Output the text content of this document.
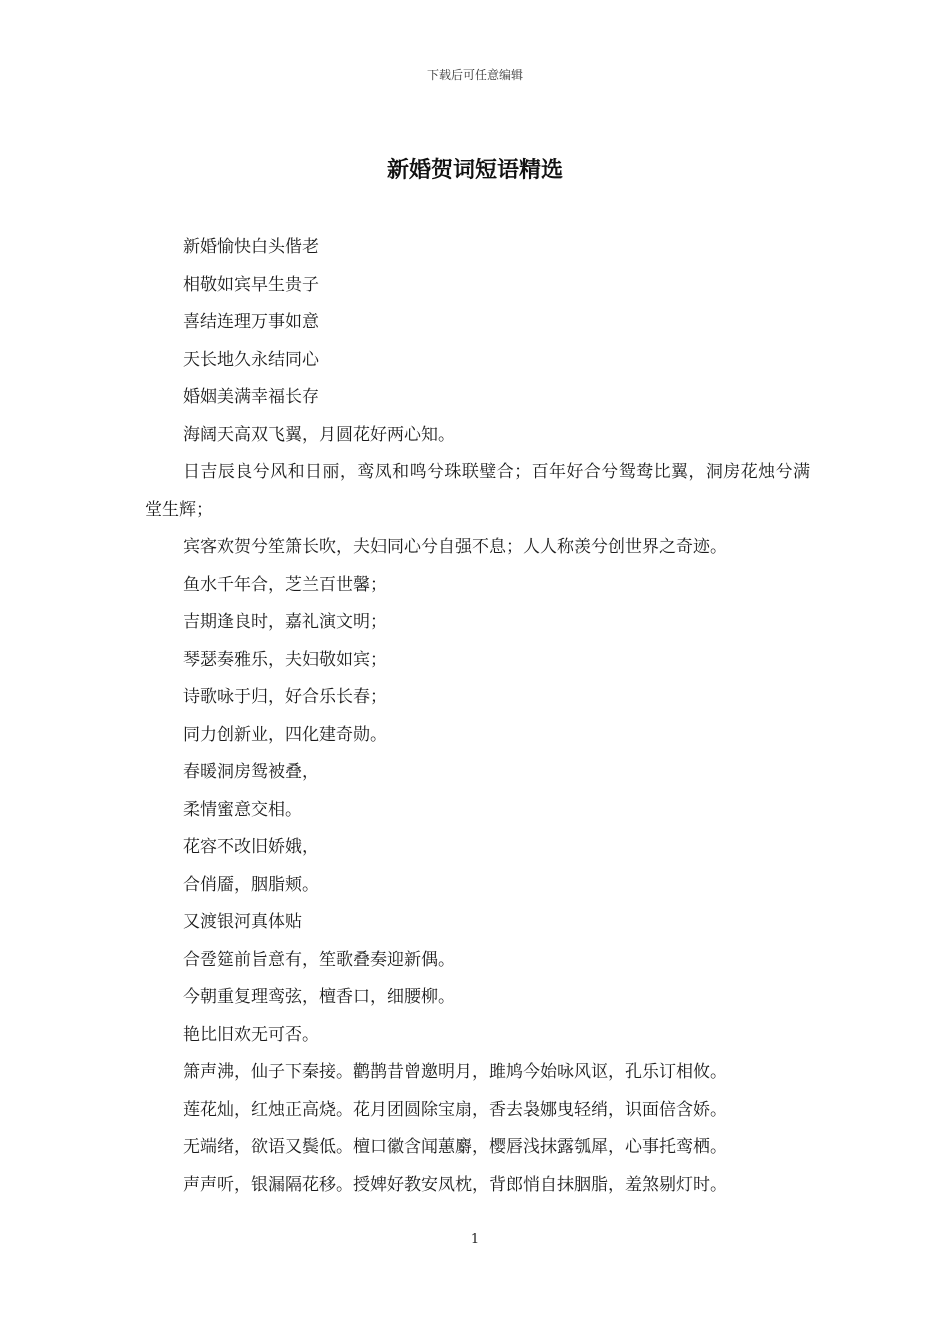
下载后可任意编辑
新婚贺词短语精选

新婚愉快白头偕老

相敬如宾早生贵子

喜结连理万事如意

天长地久永结同心

婚姻美满幸福长存

海阔天高双飞翼，月圆花好两心知。

日吉辰良兮风和日丽，鸾凤和鸣兮珠联璧合；百年好合兮鸳鸯比翼，洞房花烛兮满堂生辉；

宾客欢贺兮笙箫长吹，夫妇同心兮自强不息；人人称羡兮创世界之奇迹。

鱼水千年合，芝兰百世馨；

吉期逢良时，嘉礼演文明；

琴瑟奏雅乐，夫妇敬如宾；

诗歌咏于归，好合乐长春；

同力创新业，四化建奇勋。

春暖洞房鸳被叠，

柔情蜜意交相。

花容不改旧娇娥，

合俏靥，胭脂颊。

又渡银河真体贴

合卺筵前旨意有，笙歌叠奏迎新偶。

今朝重复理鸾弦，檀香口，细腰柳。

艳比旧欢无可否。

箫声沸，仙子下秦接。鹳鹊昔曾邀明月，雎鸠今始咏风讴，孔乐订相攸。

莲花灿，红烛正高烧。花月团圆除宝扇，香去袅娜曳轻绡，识面倍含娇。

无端绪，欲语又鬓低。檀口徽含闻蕙麝，樱唇浅抹露瓠犀，心事托鸾栖。

声声听，银漏隔花移。授婢好教安凤枕，背郎悄自抹胭脂，羞煞剔灯时。

1
